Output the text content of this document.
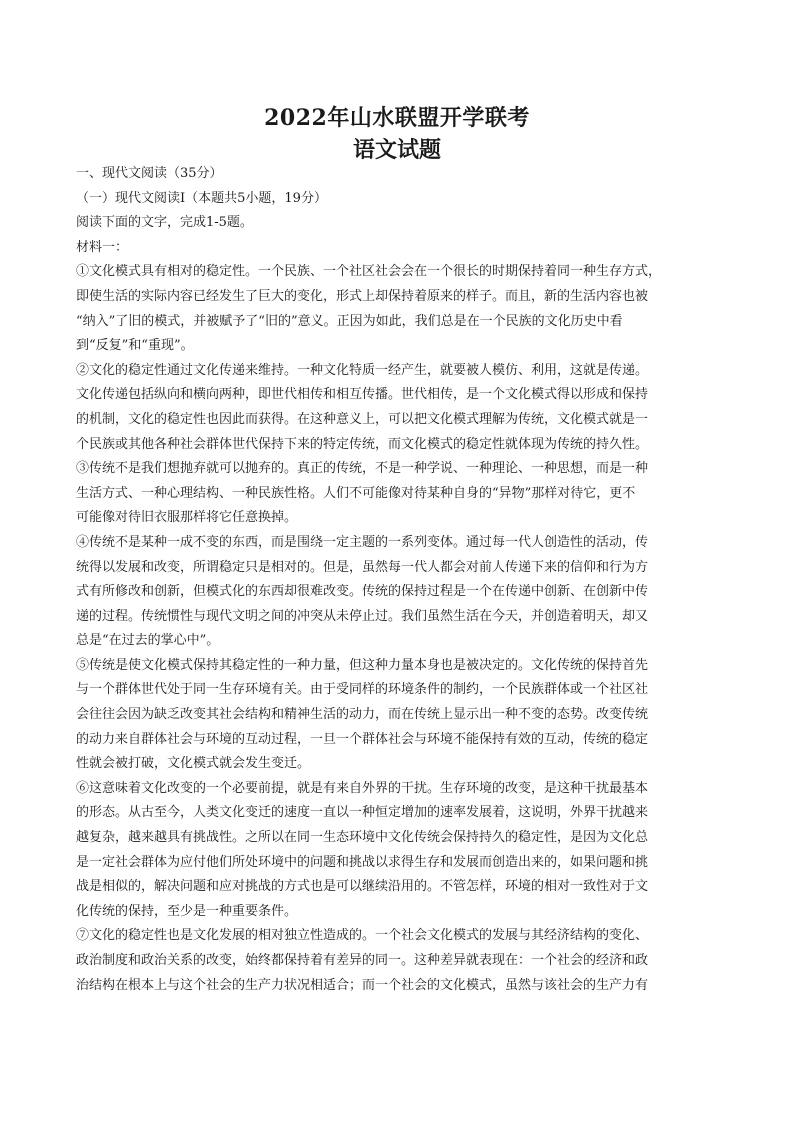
2022年山水联盟开学联考
语文试题
一、现代文阅读（35分）
（一）现代文阅读Ⅰ（本题共5小题，19分）
阅读下面的文字，完成1-5题。
材料一：
①文化模式具有相对的稳定性。一个民族、一个社区社会会在一个很长的时期保持着同一种生存方式，
即使生活的实际内容已经发生了巨大的变化，形式上却保持着原来的样子。而且，新的生活内容也被
“纳入”了旧的模式，并被赋予了“旧的”意义。正因为如此，我们总是在一个民族的文化历史中看
到“反复”和“重现”。
②文化的稳定性通过文化传递来维持。一种文化特质一经产生，就要被人模仿、利用，这就是传递。
文化传递包括纵向和横向两种，即世代相传和相互传播。世代相传，是一个文化模式得以形成和保持
的机制，文化的稳定性也因此而获得。在这种意义上，可以把文化模式理解为传统，文化模式就是一
个民族或其他各种社会群体世代保持下来的特定传统，而文化模式的稳定性就体现为传统的持久性。
③传统不是我们想抛弃就可以抛弃的。真正的传统，不是一种学说、一种理论、一种思想，而是一种
生活方式、一种心理结构、一种民族性格。人们不可能像对待某种自身的“异物”那样对待它，更不
可能像对待旧衣服那样将它任意换掉。
④传统不是某种一成不变的东西，而是围绕一定主题的一系列变体。通过每一代人创造性的活动，传
统得以发展和改变，所谓稳定只是相对的。但是，虽然每一代人都会对前人传递下来的信仰和行为方
式有所修改和创新，但模式化的东西却很难改变。传统的保持过程是一个在传递中创新、在创新中传
递的过程。传统惯性与现代文明之间的冲突从未停止过。我们虽然生活在今天，并创造着明天，却又
总是“在过去的掌心中”。
⑤传统是使文化模式保持其稳定性的一种力量，但这种力量本身也是被决定的。文化传统的保持首先
与一个群体世代处于同一生存环境有关。由于受同样的环境条件的制约，一个民族群体或一个社区社
会往往会因为缺乏改变其社会结构和精神生活的动力，而在传统上显示出一种不变的态势。改变传统
的动力来自群体社会与环境的互动过程，一旦一个群体社会与环境不能保持有效的互动，传统的稳定
性就会被打破，文化模式就会发生变迁。
⑥这意味着文化改变的一个必要前提，就是有来自外界的干扰。生存环境的改变，是这种干扰最基本
的形态。从古至今，人类文化变迁的速度一直以一种恒定增加的速率发展着，这说明，外界干扰越来
越复杂，越来越具有挑战性。之所以在同一生态环境中文化传统会保持持久的稳定性，是因为文化总
是一定社会群体为应付他们所处环境中的问题和挑战以求得生存和发展而创造出来的，如果问题和挑
战是相似的，解决问题和应对挑战的方式也是可以继续沿用的。不管怎样，环境的相对一致性对于文
化传统的保持，至少是一种重要条件。
⑦文化的稳定性也是文化发展的相对独立性造成的。一个社会文化模式的发展与其经济结构的变化、
政治制度和政治关系的改变，始终都保持着有差异的同一。这种差异就表现在：一个社会的经济和政
治结构在根本上与这个社会的生产力状况相适合；而一个社会的文化模式，虽然与该社会的生产力有
